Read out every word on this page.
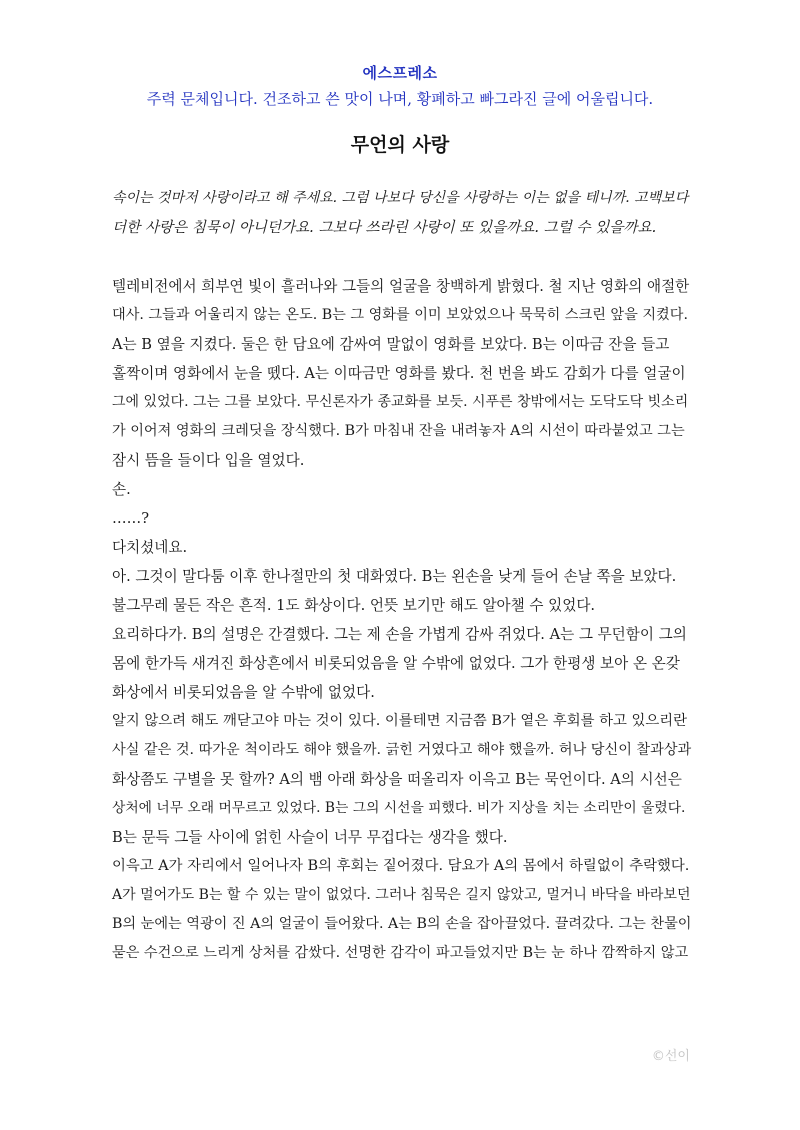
에스프레소
주력 문체입니다. 건조하고 쓴 맛이 나며, 황폐하고 빠그라진 글에 어울립니다.
무언의 사랑

속이는 것마저 사랑이라고 해 주세요. 그럼 나보다 당신을 사랑하는 이는 없을 테니까. 고백보다

더한 사랑은 침묵이 아니던가요. 그보다 쓰라린 사랑이 또 있을까요. 그럴 수 있을까요.

텔레비전에서 희부연 빛이 흘러나와 그들의 얼굴을 창백하게 밝혔다. 철 지난 영화의 애절한

대사. 그들과 어울리지 않는 온도. B는 그 영화를 이미 보았었으나 묵묵히 스크린 앞을 지켰다.

A는 B 옆을 지켰다. 둘은 한 담요에 감싸여 말없이 영화를 보았다. B는 이따금 잔을 들고

홀짝이며 영화에서 눈을 뗐다. A는 이따금만 영화를 봤다. 천 번을 봐도 감회가 다를 얼굴이

그에 있었다. 그는 그를 보았다. 무신론자가 종교화를 보듯. 시푸른 창밖에서는 도닥도닥 빗소리

가 이어져 영화의 크레딧을 장식했다. B가 마침내 잔을 내려놓자 A의 시선이 따라붙었고 그는

잠시 뜸을 들이다 입을 열었다.

손.

……?

다치셨네요.

아. 그것이 말다툼 이후 한나절만의 첫 대화였다. B는 왼손을 낮게 들어 손날 쪽을 보았다.

불그무레 물든 작은 흔적. 1도 화상이다. 언뜻 보기만 해도 알아챌 수 있었다.

요리하다가. B의 설명은 간결했다. 그는 제 손을 가볍게 감싸 쥐었다. A는 그 무던함이 그의

몸에 한가득 새겨진 화상흔에서 비롯되었음을 알 수밖에 없었다. 그가 한평생 보아 온 온갖

화상에서 비롯되었음을 알 수밖에 없었다.

알지 않으려 해도 깨닫고야 마는 것이 있다. 이를테면 지금쯤 B가 옅은 후회를 하고 있으리란

사실 같은 것. 따가운 척이라도 해야 했을까. 긁힌 거였다고 해야 했을까. 허나 당신이 찰과상과

화상쯤도 구별을 못 할까? A의 뱀 아래 화상을 떠올리자 이윽고 B는 묵언이다. A의 시선은

상처에 너무 오래 머무르고 있었다. B는 그의 시선을 피했다. 비가 지상을 치는 소리만이 울렸다.

B는 문득 그들 사이에 얽힌 사슬이 너무 무겁다는 생각을 했다.

이윽고 A가 자리에서 일어나자 B의 후회는 짙어졌다. 담요가 A의 몸에서 하릴없이 추락했다.

A가 멀어가도 B는 할 수 있는 말이 없었다. 그러나 침묵은 길지 않았고, 멀거니 바닥을 바라보던

B의 눈에는 역광이 진 A의 얼굴이 들어왔다. A는 B의 손을 잡아끌었다. 끌려갔다. 그는 찬물이

묻은 수건으로 느리게 상처를 감쌌다. 선명한 감각이 파고들었지만 B는 눈 하나 깜짝하지 않고

©선이
